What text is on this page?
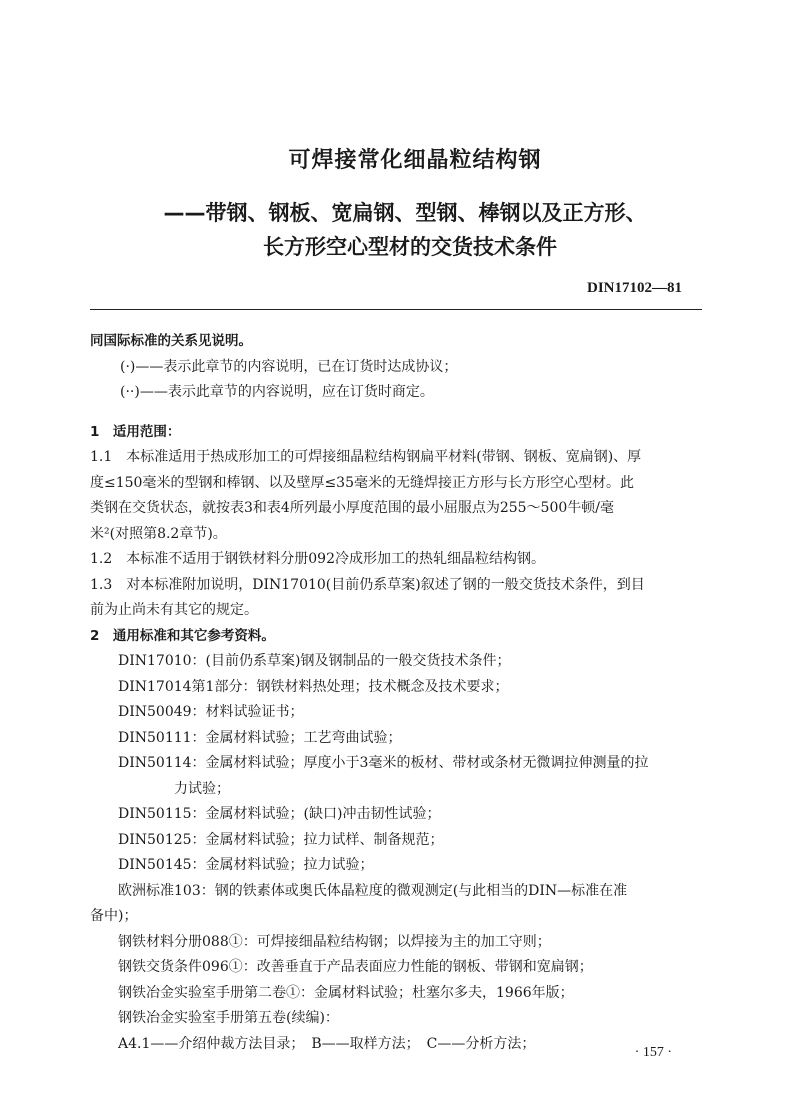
可焊接常化细晶粒结构钢
——带钢、钢板、宽扁钢、型钢、棒钢以及正方形、
长方形空心型材的交货技术条件
DIN17102—81
同国际标准的关系见说明。
(·)——表示此章节的内容说明，已在订货时达成协议；
(··)——表示此章节的内容说明，应在订货时商定。
1　适用范围：
1.1　本标准适用于热成形加工的可焊接细晶粒结构钢扁平材料(带钢、钢板、宽扁钢)、厚
度≤150毫米的型钢和棒钢、以及壁厚≤35毫米的无缝焊接正方形与长方形空心型材。此
类钢在交货状态，就按表3和表4所列最小厚度范围的最小屈服点为255～500牛顿/毫
米²(对照第8.2章节)。
1.2　本标准不适用于钢铁材料分册092冷成形加工的热轧细晶粒结构钢。
1.3　对本标准附加说明，DIN17010(目前仍系草案)叙述了钢的一般交货技术条件，到目
前为止尚未有其它的规定。
2　通用标准和其它参考资料。
DIN17010：(目前仍系草案)钢及钢制品的一般交货技术条件；
DIN17014第1部分：钢铁材料热处理；技术概念及技术要求；
DIN50049：材料试验证书；
DIN50111：金属材料试验；工艺弯曲试验；
DIN50114：金属材料试验；厚度小于3毫米的板材、带材或条材无微调拉伸测量的拉
力试验；
DIN50115：金属材料试验；(缺口)冲击韧性试验；
DIN50125：金属材料试验；拉力试样、制备规范；
DIN50145：金属材料试验；拉力试验；
欧洲标准103：钢的铁素体或奥氏体晶粒度的微观测定(与此相当的DIN—标准在准
备中)；
钢铁材料分册088①：可焊接细晶粒结构钢；以焊接为主的加工守则；
钢铁交货条件096①：改善垂直于产品表面应力性能的钢板、带钢和宽扁钢；
钢铁冶金实验室手册第二卷①：金属材料试验；杜塞尔多夫，1966年版；
钢铁冶金实验室手册第五卷(续编)：
A4.1——介绍仲裁方法目录；　B——取样方法；　C——分析方法；
· 157 ·
